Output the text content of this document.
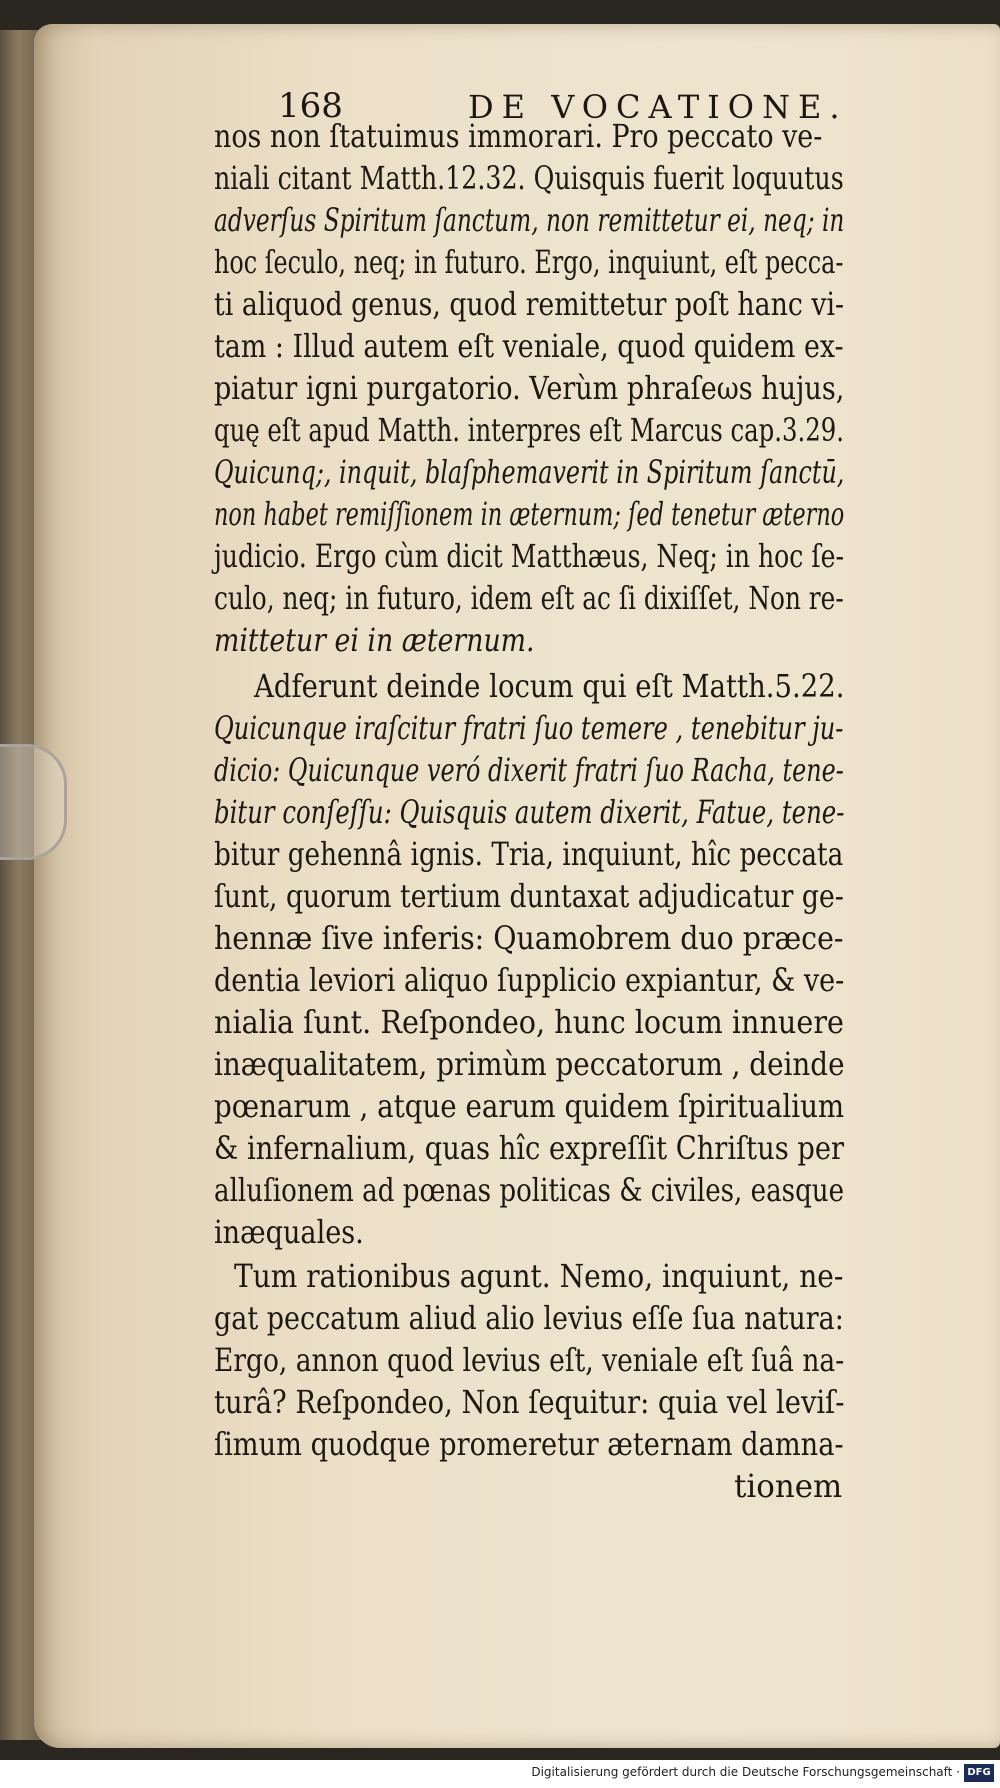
168	DE VOCATIONE.
nos non ſtatuimus immorari. Pro peccato ve-
niali citant Matth.12.32. Quisquis fuerit loquutus
adverſus Spiritum ſanctum, non remittetur ei, neq; in
hoc ſeculo, neq; in futuro. Ergo, inquiunt, eſt pecca-
ti aliquod genus, quod remittetur poſt hanc vi-
tam : Illud autem eſt veniale, quod quidem ex-
piatur igni purgatorio. Verùm phraſeωs hujus,
quę eſt apud Matth. interpres eſt Marcus cap.3.29.
Quicunq;, inquit, blaſphemaverit in Spiritum ſanctū,
non habet remiſſionem in æternum; ſed tenetur æterno
judicio. Ergo cùm dicit Matthæus, Neq; in hoc ſe-
culo, neq; in futuro, idem eſt ac ſi dixiſſet, Non re-
mittetur ei in æternum.
Adferunt deinde locum qui eſt Matth.5.22.
Quicunque iraſcitur fratri ſuo temere , tenebitur ju-
dicio: Quicunque veró dixerit fratri ſuo Racha, tene-
bitur conſeſſu: Quisquis autem dixerit, Fatue, tene-
bitur gehennâ ignis. Tria, inquiunt, hîc peccata
ſunt, quorum tertium duntaxat adjudicatur ge-
hennæ ſive inferis: Quamobrem duo præce-
dentia leviori aliquo ſupplicio expiantur, & ve-
nialia ſunt. Reſpondeo, hunc locum innuere
inæqualitatem, primùm peccatorum , deinde
pœnarum , atque earum quidem ſpiritualium
& infernalium, quas hîc expreſſit Chriſtus per
alluſionem ad pœnas politicas & civiles, easque
inæquales.
Tum rationibus agunt. Nemo, inquiunt, ne-
gat peccatum aliud alio levius eſſe ſua natura:
Ergo, annon quod levius eſt, veniale eſt ſuâ na-
turâ? Reſpondeo, Non ſequitur: quia vel leviſ-
ſimum quodque promeretur æternam damna-
tionem
Digitalisierung gefördert durch die Deutsche Forschungsgemeinschaft · DFG
